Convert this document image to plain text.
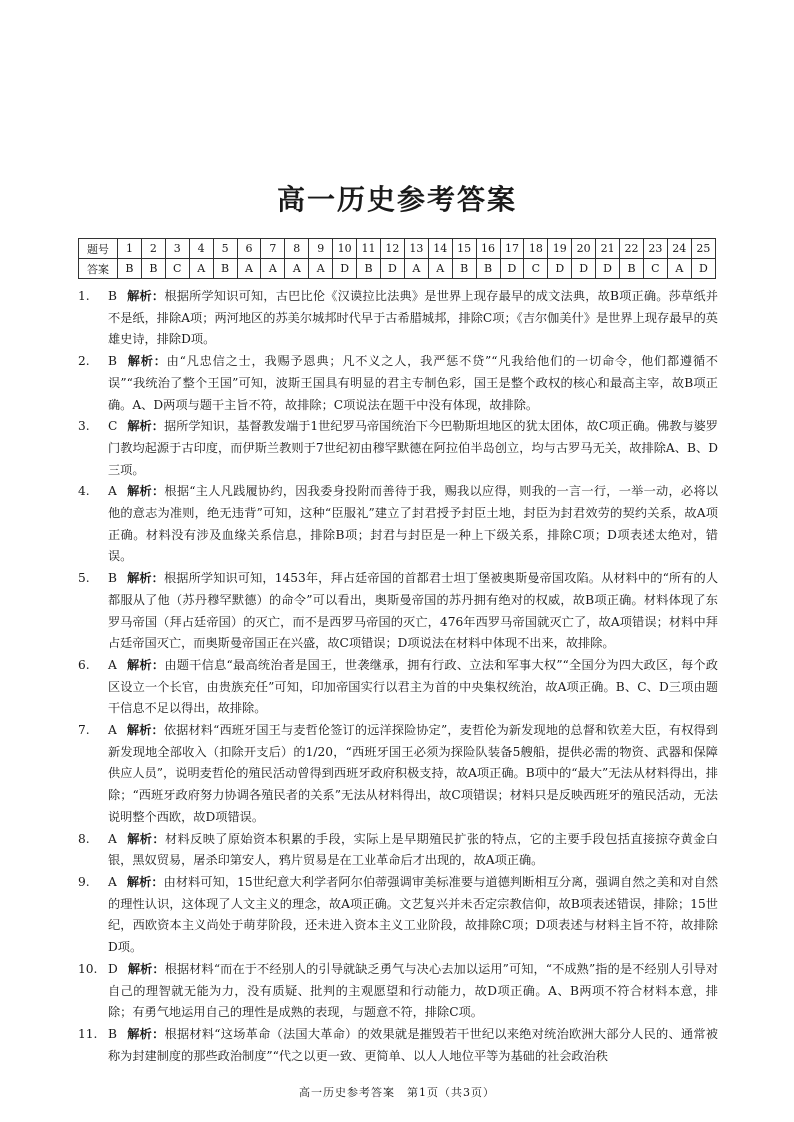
高一历史参考答案
题号	1	2	3	4	5	6	7	8	9	10	11	12	13	14	15	16	17	18	19	20	21	22	23	24	25
答案	B	B	C	A	B	A	A	A	A	D	B	D	A	A	B	B	D	C	D	D	D	B	C	A	D
1.	B 解析：根据所学知识可知，古巴比伦《汉谟拉比法典》是世界上现存最早的成文法典，故B项正确。莎草纸并不是纸，排除A项；两河地区的苏美尔城邦时代早于古希腊城邦，排除C项；《吉尔伽美什》是世界上现存最早的英雄史诗，排除D项。
2.	B 解析：由“凡忠信之士，我赐予恩典；凡不义之人，我严惩不贷”“凡我给他们的一切命令，他们都遵循不误”“我统治了整个王国”可知，波斯王国具有明显的君主专制色彩，国王是整个政权的核心和最高主宰，故B项正确。A、D两项与题干主旨不符，故排除；C项说法在题干中没有体现，故排除。
3.	C 解析：据所学知识，基督教发端于1世纪罗马帝国统治下今巴勒斯坦地区的犹太团体，故C项正确。佛教与婆罗门教均起源于古印度，而伊斯兰教则于7世纪初由穆罕默德在阿拉伯半岛创立，均与古罗马无关，故排除A、B、D三项。
4.	A 解析：根据“主人凡践履协约，因我委身投附而善待于我，赐我以应得，则我的一言一行，一举一动，必将以他的意志为准则，绝无违背”可知，这种“臣服礼”建立了封君授予封臣土地，封臣为封君效劳的契约关系，故A项正确。材料没有涉及血缘关系信息，排除B项；封君与封臣是一种上下级关系，排除C项；D项表述太绝对，错误。
5.	B 解析：根据所学知识可知，1453年，拜占廷帝国的首都君士坦丁堡被奥斯曼帝国攻陷。从材料中的“所有的人都服从了他（苏丹穆罕默德）的命令”可以看出，奥斯曼帝国的苏丹拥有绝对的权威，故B项正确。材料体现了东罗马帝国（拜占廷帝国）的灭亡，而不是西罗马帝国的灭亡，476年西罗马帝国就灭亡了，故A项错误；材料中拜占廷帝国灭亡，而奥斯曼帝国正在兴盛，故C项错误；D项说法在材料中体现不出来，故排除。
6.	A 解析：由题干信息“最高统治者是国王，世袭继承，拥有行政、立法和军事大权”“全国分为四大政区，每个政区设立一个长官，由贵族充任”可知，印加帝国实行以君主为首的中央集权统治，故A项正确。B、C、D三项由题干信息不足以得出，故排除。
7.	A 解析：依据材料“西班牙国王与麦哲伦签订的远洋探险协定”，麦哲伦为新发现地的总督和钦差大臣，有权得到新发现地全部收入（扣除开支后）的1/20，“西班牙国王必须为探险队装备5艘船，提供必需的物资、武器和保障供应人员”，说明麦哲伦的殖民活动曾得到西班牙政府积极支持，故A项正确。B项中的“最大”无法从材料得出，排除；“西班牙政府努力协调各殖民者的关系”无法从材料得出，故C项错误；材料只是反映西班牙的殖民活动，无法说明整个西欧，故D项错误。
8.	A 解析：材料反映了原始资本积累的手段，实际上是早期殖民扩张的特点，它的主要手段包括直接掠夺黄金白银，黑奴贸易，屠杀印第安人，鸦片贸易是在工业革命后才出现的，故A项正确。
9.	A 解析：由材料可知，15世纪意大利学者阿尔伯蒂强调审美标准要与道德判断相互分离，强调自然之美和对自然的理性认识，这体现了人文主义的理念，故A项正确。文艺复兴并未否定宗教信仰，故B项表述错误，排除；15世纪，西欧资本主义尚处于萌芽阶段，还未进入资本主义工业阶段，故排除C项；D项表述与材料主旨不符，故排除D项。
10. D 解析：根据材料“而在于不经别人的引导就缺乏勇气与决心去加以运用”可知，“不成熟”指的是不经别人引导对自己的理智就无能为力，没有质疑、批判的主观愿望和行动能力，故D项正确。A、B两项不符合材料本意，排除；有勇气地运用自己的理性是成熟的表现，与题意不符，排除C项。
11. B 解析：根据材料“这场革命（法国大革命）的效果就是摧毁若干世纪以来绝对统治欧洲大部分人民的、通常被称为封建制度的那些政治制度”“代之以更一致、更简单、以人人地位平等为基础的社会政治秩
高一历史参考答案　第1页（共3页）
